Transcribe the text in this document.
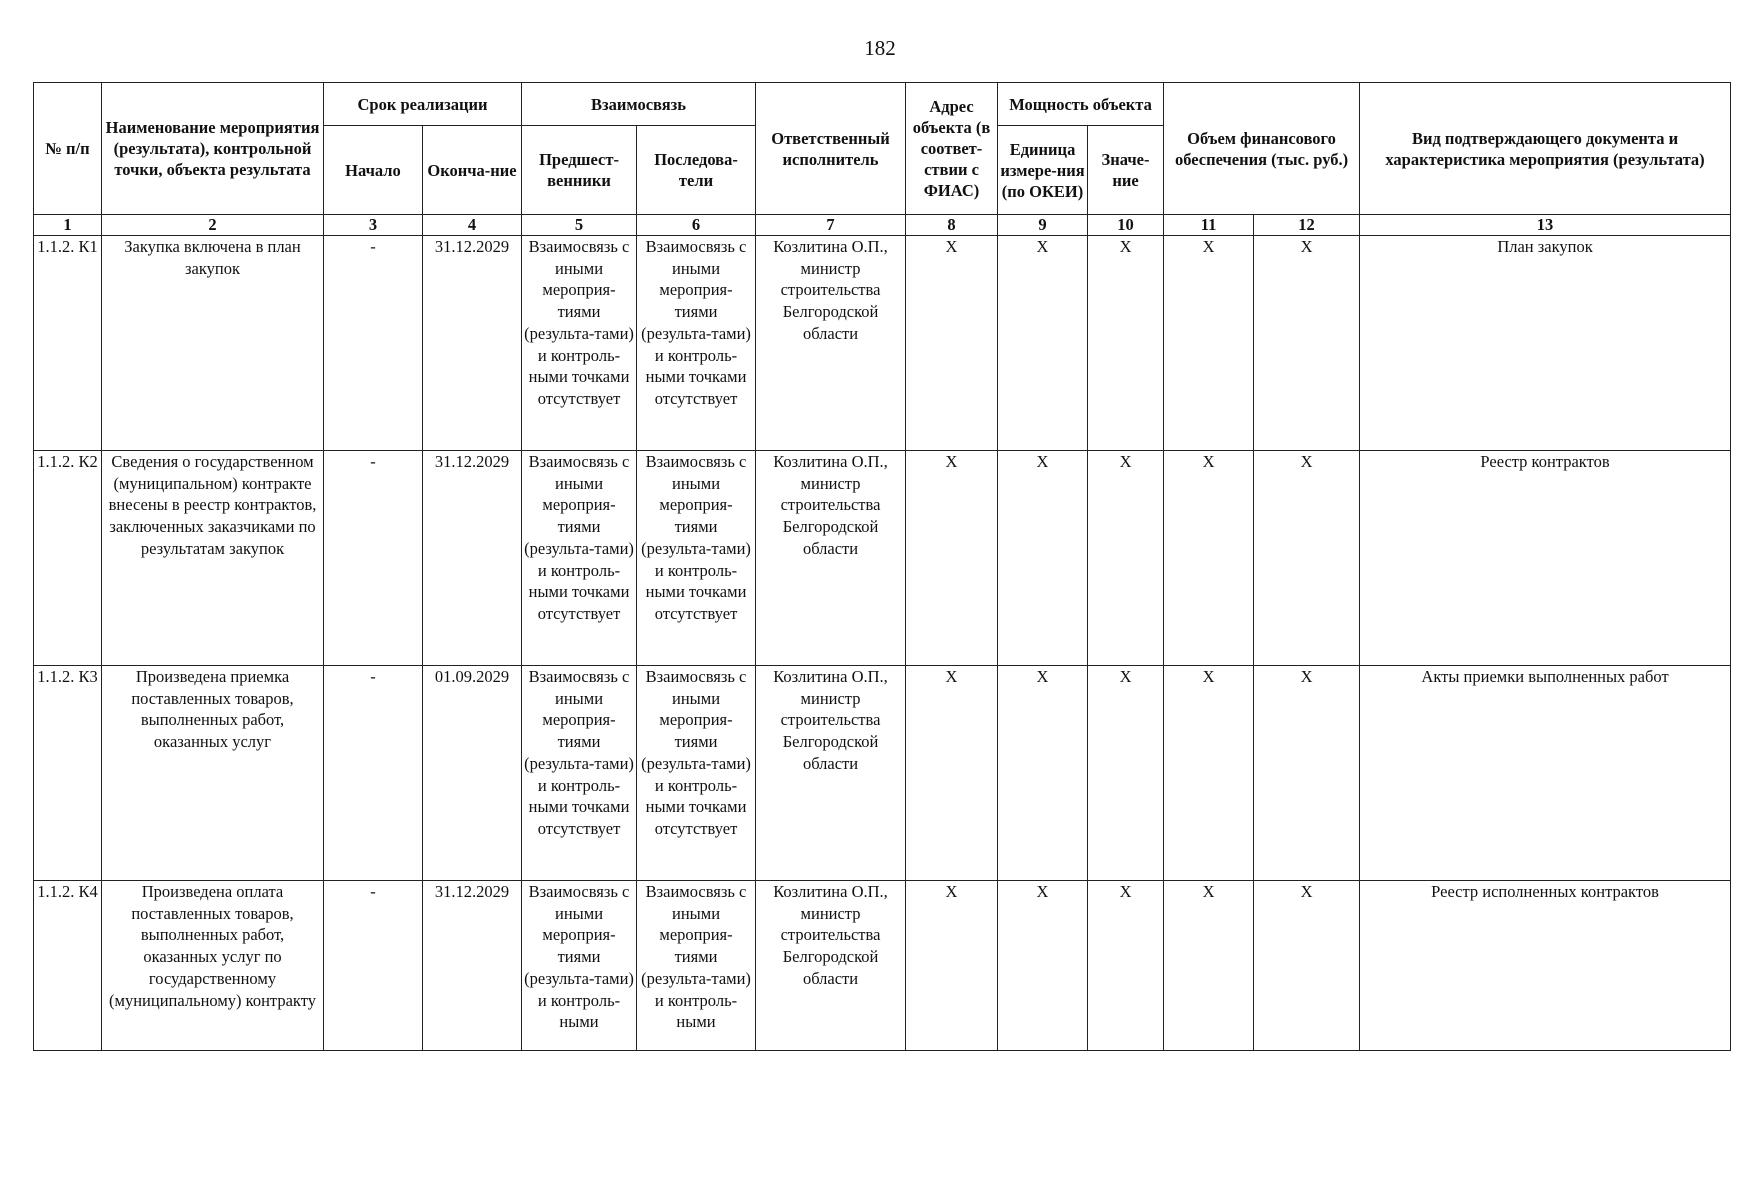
182
№ п/п	Наименование мероприятия (результата), контрольной точки, объекта результата	Срок реализации		Взаимосвязь		Ответственный исполнитель	Адрес объекта (в соответ-ствии с ФИАС)	Мощность объекта		Объем финансового обеспечения (тыс. руб.)		Вид подтверждающего документа и характеристика мероприятия (результата)
		Начало	Оконча-ние	Предшест-венники	Последова-тели			Единица измере-ния (по ОКЕИ)	Значе-ние			
1	2	3	4	5	6	7	8	9	10	11	12	13
1.1.2. К1	Закупка включена в план закупок	-	31.12.2029	Взаимосвязь с иными мероприя-тиями (результа-тами) и контроль-ными точками отсутствует	Взаимосвязь с иными мероприя-тиями (результа-тами) и контроль-ными точками отсутствует	Козлитина О.П., министр строительства Белгородской области	X	X	X	X	X	План закупок
1.1.2. К2	Сведения о государственном (муниципальном) контракте внесены в реестр контрактов, заключенных заказчиками по результатам закупок	-	31.12.2029	Взаимосвязь с иными мероприя-тиями (результа-тами) и контроль-ными точками отсутствует	Взаимосвязь с иными мероприя-тиями (результа-тами) и контроль-ными точками отсутствует	Козлитина О.П., министр строительства Белгородской области	X	X	X	X	X	Реестр контрактов
1.1.2. К3	Произведена приемка поставленных товаров, выполненных работ, оказанных услуг	-	01.09.2029	Взаимосвязь с иными мероприя-тиями (результа-тами) и контроль-ными точками отсутствует	Взаимосвязь с иными мероприя-тиями (результа-тами) и контроль-ными точками отсутствует	Козлитина О.П., министр строительства Белгородской области	X	X	X	X	X	Акты приемки выполненных работ
1.1.2. К4	Произведена оплата поставленных товаров, выполненных работ, оказанных услуг по государственному (муниципальному) контракту	-	31.12.2029	Взаимосвязь с иными мероприя-тиями (результа-тами) и контроль-ными	Взаимосвязь с иными мероприя-тиями (результа-тами) и контроль-ными	Козлитина О.П., министр строительства Белгородской области	X	X	X	X	X	Реестр исполненных контрактов
